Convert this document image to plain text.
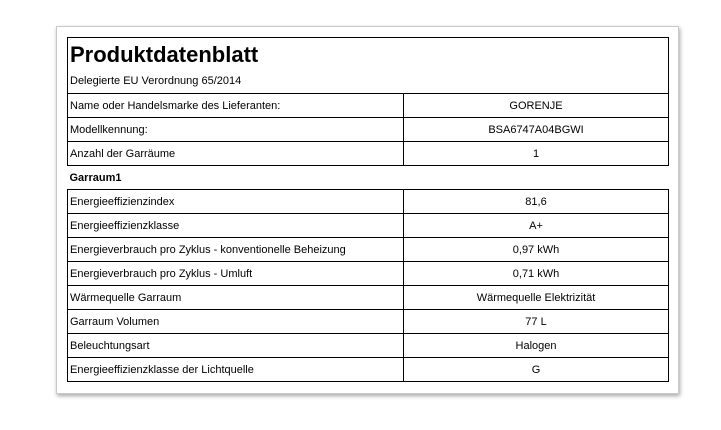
Produktdatenblatt	
Delegierte EU Verordnung 65/2014	
Name oder Handelsmarke des Lieferanten:	GORENJE
Modellkennung:	BSA6747A04BGWI
Anzahl der Garräume	1
Garraum1	
Energieeffizienzindex	81,6
Energieeffizienzklasse	A+
Energieverbrauch pro Zyklus - konventionelle Beheizung	0,97 kWh
Energieverbrauch pro Zyklus - Umluft	0,71 kWh
Wärmequelle Garraum	Wärmequelle Elektrizität
Garraum Volumen	77 L
Beleuchtungsart	Halogen
Energieeffizienzklasse der Lichtquelle	G
